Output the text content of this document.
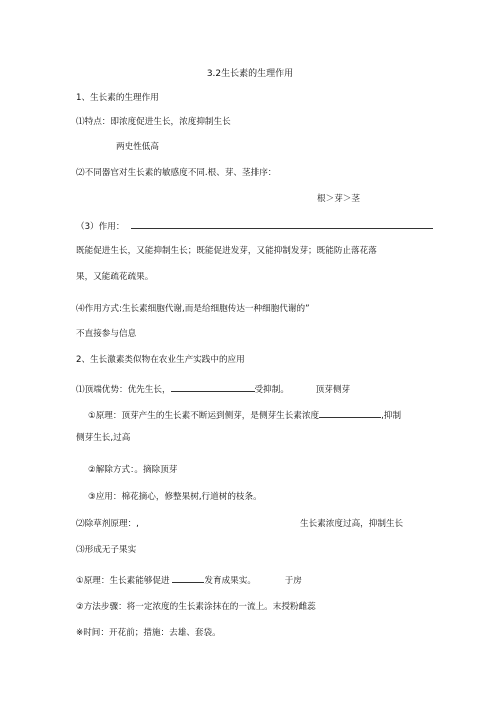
3.2生长素的生理作用
1、生长素的生理作用
⑴特点：即浓度促进生长，浓度抑制生长
两史性低高
⑵不同器官对生长素的敏感度不同.根、芽、茎排序：
根＞芽＞茎
（3）作用：
既能促进生长，又能抑制生长；既能促进发芽，又能抑制发芽；既能防止落花落
果，又能疏花疏果。
⑷作用方式:生长素细胞代谢,而是给细胞传达一种细胞代谢的”
不直接参与信息
2、生长激素类似物在农业生产实践中的应用
⑴顶端优势：优先生长，	受抑制。	顶芽侧芽
①原理：顶芽产生的生长素不断运到侧芽，是侧芽生长素浓度	,抑制
侧芽生长,过高
②解除方式：。摘除顶芽
③应用：棉花摘心，修整果树,行道树的枝条。
⑵除草剂原理：,	生长素浓度过高，抑制生长
⑶形成无子果实
①原理：生长素能够促进	发育成果实。	于房
②方法步骤：将一定浓度的生长素涂抹在的一流上。末授粉雌蕊
※时间：开花前；措施：去雄、套袋。
